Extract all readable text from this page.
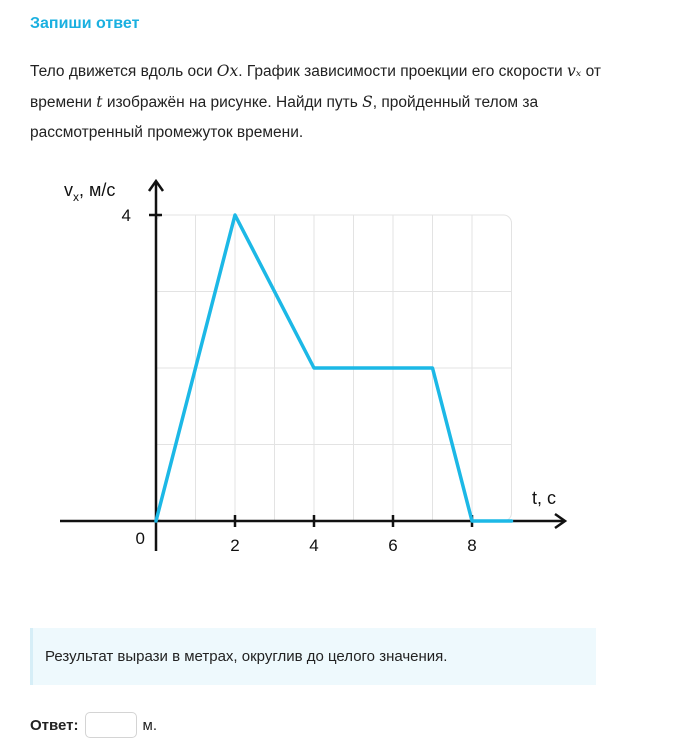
Запиши ответ
Тело движется вдоль оси Ox. График зависимости проекции его скорости vₓ от времени t изображён на рисунке. Найди путь S, пройденный телом за рассмотренный промежуток времени.
2	4	6	8
4
0
$v_x$, м/с
t, с
Результат вырази в метрах, округлив до целого значения.
Ответ:	м.
